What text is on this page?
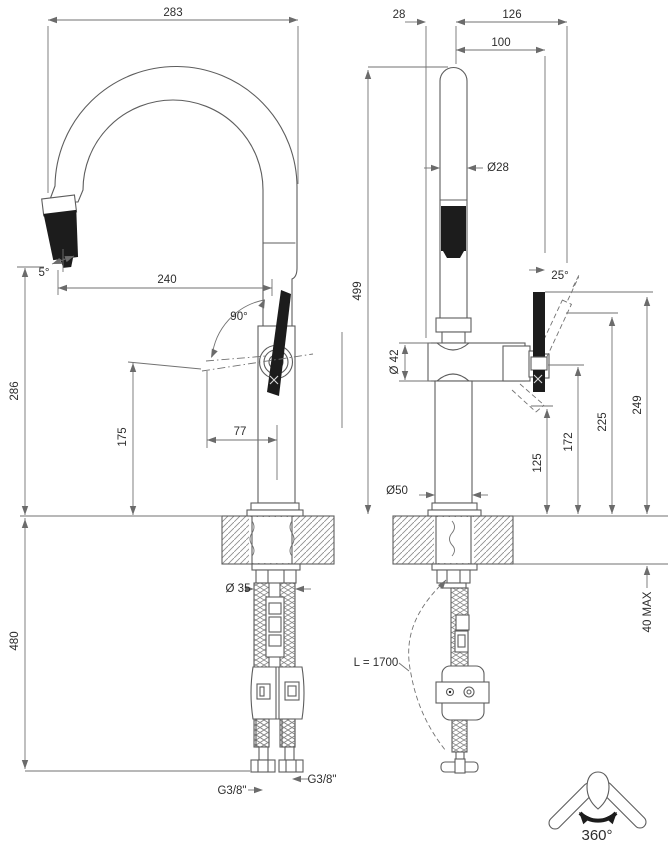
283
240
5°
90°
286
480
175	77
Ø 35
G3/8"
G3/8"
28	126
100
Ø28
499
Ø 42
Ø50
25°
125
172
225
249
40 MAX
L = 1700
360°
